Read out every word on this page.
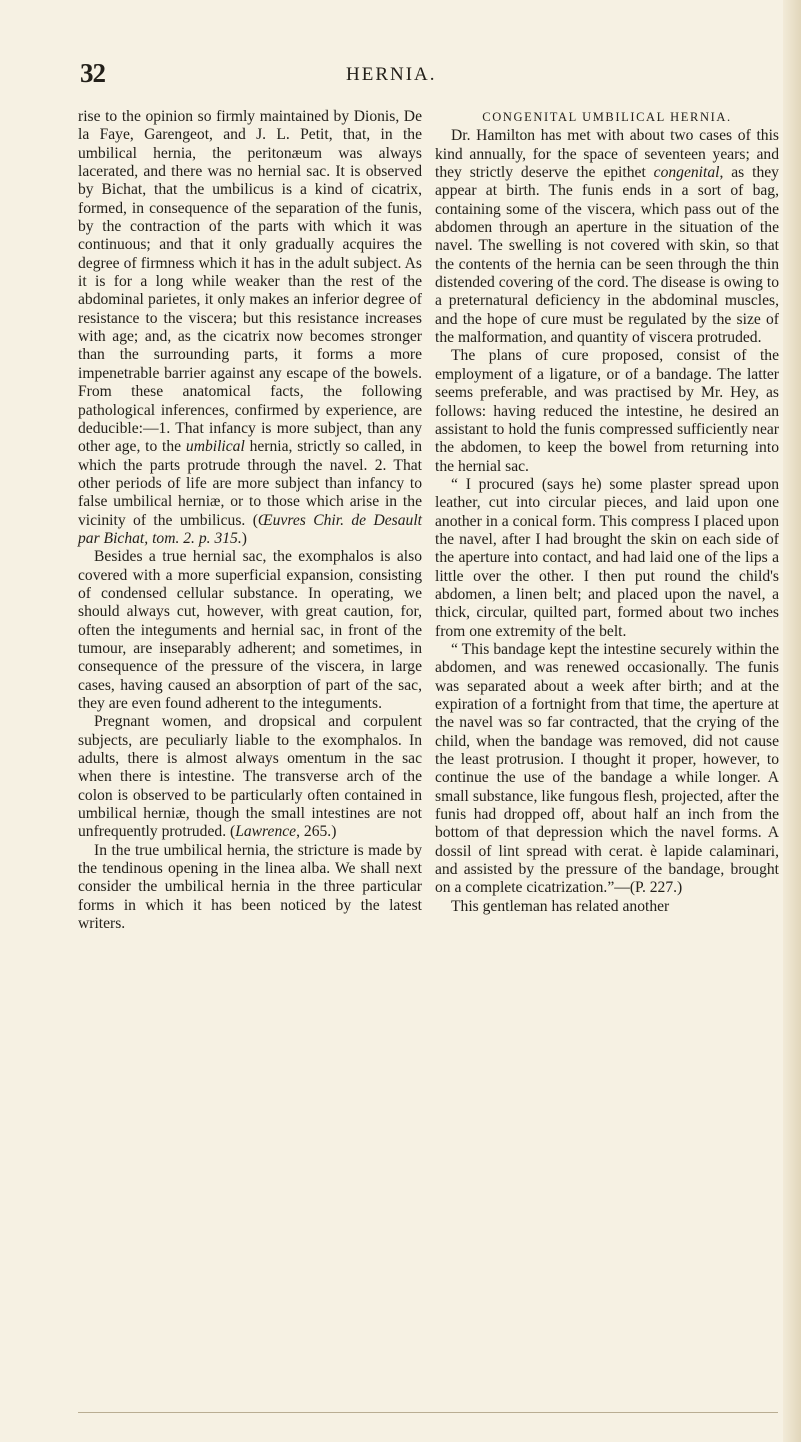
32	HERNIA.

rise to the opinion so firmly maintained by Dionis, De la Faye, Garengeot, and J. L. Petit, that, in the umbilical hernia, the peritonæum was always lacerated, and there was no hernial sac. It is observed by Bichat, that the umbilicus is a kind of cicatrix, formed, in consequence of the separation of the funis, by the contraction of the parts with which it was continuous; and that it only gradually acquires the degree of firmness which it has in the adult subject. As it is for a long while weaker than the rest of the abdominal parietes, it only makes an inferior degree of resistance to the viscera; but this resistance increases with age; and, as the cicatrix now becomes stronger than the surrounding parts, it forms a more impenetrable barrier against any escape of the bowels. From these anatomical facts, the following pathological inferences, confirmed by experience, are deducible:—1. That infancy is more subject, than any other age, to the umbilical hernia, strictly so called, in which the parts protrude through the navel. 2. That other periods of life are more subject than infancy to false umbilical herniæ, or to those which arise in the vicinity of the umbilicus. (Œuvres Chir. de Desault par Bichat, tom. 2. p. 315.)

Besides a true hernial sac, the exomphalos is also covered with a more superficial expansion, consisting of condensed cellular substance. In operating, we should always cut, however, with great caution, for, often the integuments and hernial sac, in front of the tumour, are inseparably adherent; and sometimes, in consequence of the pressure of the viscera, in large cases, having caused an absorption of part of the sac, they are even found adherent to the integuments.

Pregnant women, and dropsical and corpulent subjects, are peculiarly liable to the exomphalos. In adults, there is almost always omentum in the sac when there is intestine. The transverse arch of the colon is observed to be particularly often contained in umbilical herniæ, though the small intestines are not unfrequently protruded. (Lawrence, 265.)

In the true umbilical hernia, the stricture is made by the tendinous opening in the linea alba. We shall next consider the umbilical hernia in the three particular forms in which it has been noticed by the latest writers.

CONGENITAL UMBILICAL HERNIA.

Dr. Hamilton has met with about two cases of this kind annually, for the space of seventeen years; and they strictly deserve the epithet congenital, as they appear at birth. The funis ends in a sort of bag, containing some of the viscera, which pass out of the abdomen through an aperture in the situation of the navel. The swelling is not covered with skin, so that the contents of the hernia can be seen through the thin distended covering of the cord. The disease is owing to a preternatural deficiency in the abdominal muscles, and the hope of cure must be regulated by the size of the malformation, and quantity of viscera protruded.

The plans of cure proposed, consist of the employment of a ligature, or of a bandage. The latter seems preferable, and was practised by Mr. Hey, as follows: having reduced the intestine, he desired an assistant to hold the funis compressed sufficiently near the abdomen, to keep the bowel from returning into the hernial sac.

“ I procured (says he) some plaster spread upon leather, cut into circular pieces, and laid upon one another in a conical form. This compress I placed upon the navel, after I had brought the skin on each side of the aperture into contact, and had laid one of the lips a little over the other. I then put round the child's abdomen, a linen belt; and placed upon the navel, a thick, circular, quilted part, formed about two inches from one extremity of the belt.

“ This bandage kept the intestine securely within the abdomen, and was renewed occasionally. The funis was separated about a week after birth; and at the expiration of a fortnight from that time, the aperture at the navel was so far contracted, that the crying of the child, when the bandage was removed, did not cause the least protrusion. I thought it proper, however, to continue the use of the bandage a while longer. A small substance, like fungous flesh, projected, after the funis had dropped off, about half an inch from the bottom of that depression which the navel forms. A dossil of lint spread with cerat. è lapide calaminari, and assisted by the pressure of the bandage, brought on a complete cicatrization.”—(P. 227.)

This gentleman has related another
